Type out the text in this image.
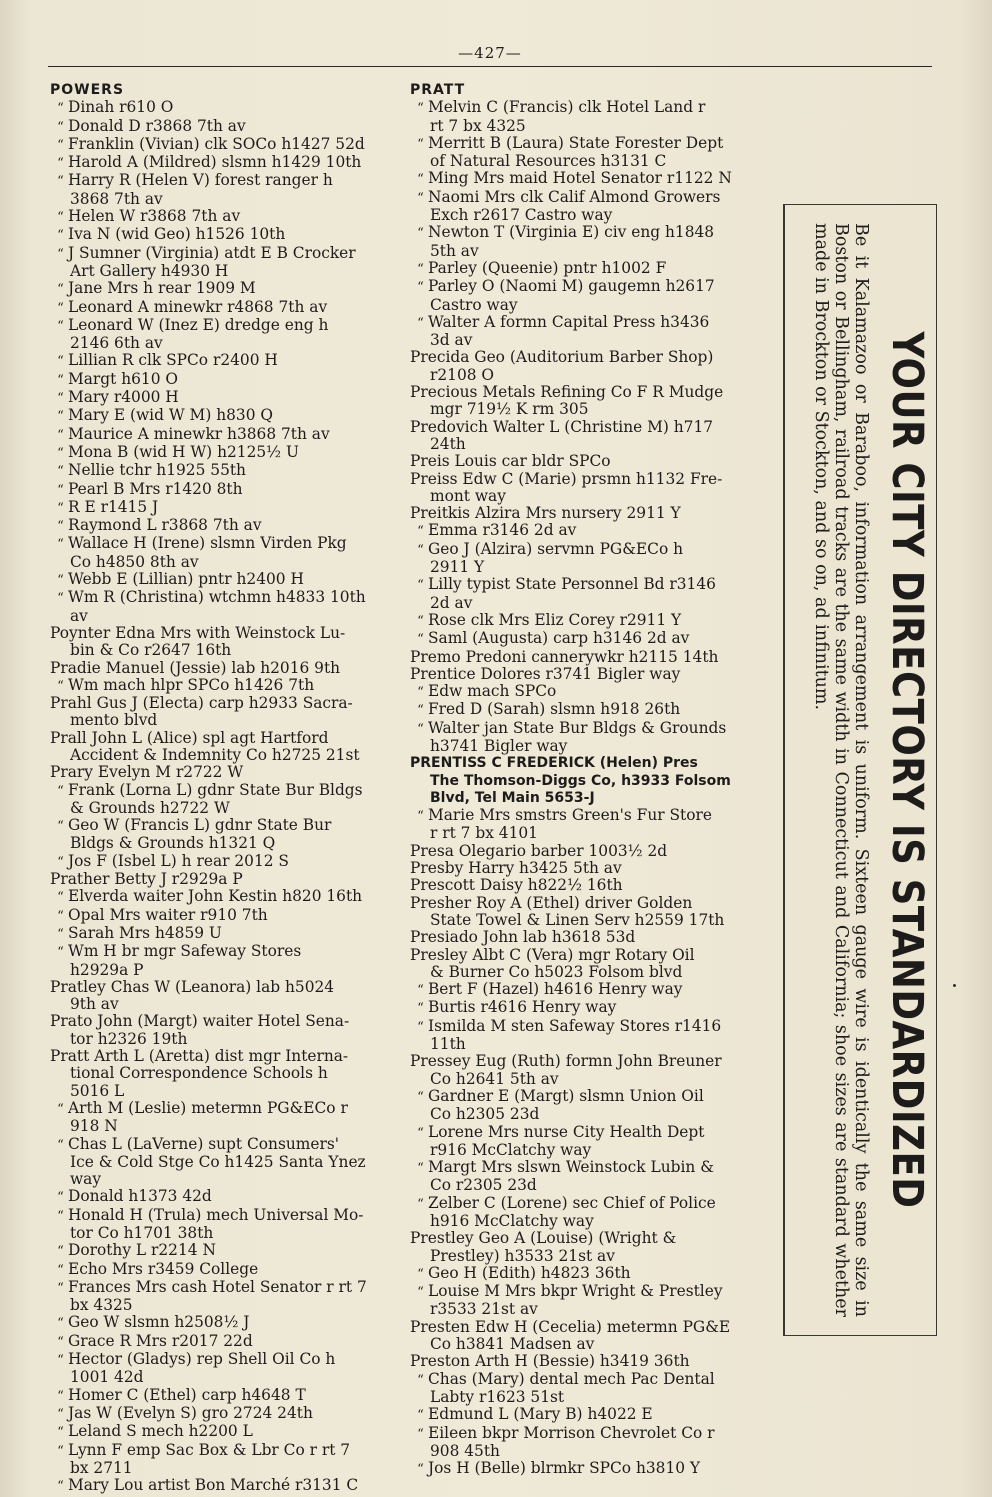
—427—
POWERS
“ Dinah r610 O
“ Donald D r3868 7th av
“ Franklin (Vivian) clk SOCo h1427 52d
“ Harold A (Mildred) slsmn h1429 10th
“ Harry R (Helen V) forest ranger h
3868 7th av
“ Helen W r3868 7th av
“ Iva N (wid Geo) h1526 10th
“ J Sumner (Virginia) atdt E B Crocker
Art Gallery h4930 H
“ Jane Mrs h rear 1909 M
“ Leonard A minewkr r4868 7th av
“ Leonard W (Inez E) dredge eng h
2146 6th av
“ Lillian R clk SPCo r2400 H
“ Margt h610 O
“ Mary r4000 H
“ Mary E (wid W M) h830 Q
“ Maurice A minewkr h3868 7th av
“ Mona B (wid H W) h2125½ U
“ Nellie tchr h1925 55th
“ Pearl B Mrs r1420 8th
“ R E r1415 J
“ Raymond L r3868 7th av
“ Wallace H (Irene) slsmn Virden Pkg
Co h4850 8th av
“ Webb E (Lillian) pntr h2400 H
“ Wm R (Christina) wtchmn h4833 10th
av
Poynter Edna Mrs with Weinstock Lu-
bin & Co r2647 16th
Pradie Manuel (Jessie) lab h2016 9th
“ Wm mach hlpr SPCo h1426 7th
Prahl Gus J (Electa) carp h2933 Sacra-
mento blvd
Prall John L (Alice) spl agt Hartford
Accident & Indemnity Co h2725 21st
Prary Evelyn M r2722 W
“ Frank (Lorna L) gdnr State Bur Bldgs
& Grounds h2722 W
“ Geo W (Francis L) gdnr State Bur
Bldgs & Grounds h1321 Q
“ Jos F (Isbel L) h rear 2012 S
Prather Betty J r2929a P
“ Elverda waiter John Kestin h820 16th
“ Opal Mrs waiter r910 7th
“ Sarah Mrs h4859 U
“ Wm H br mgr Safeway Stores
h2929a P
Pratley Chas W (Leanora) lab h5024
9th av
Prato John (Margt) waiter Hotel Sena-
tor h2326 19th
Pratt Arth L (Aretta) dist mgr Interna-
tional Correspondence Schools h
5016 L
“ Arth M (Leslie) metermn PG&ECo r
918 N
“ Chas L (LaVerne) supt Consumers'
Ice & Cold Stge Co h1425 Santa Ynez
way
“ Donald h1373 42d
“ Honald H (Trula) mech Universal Mo-
tor Co h1701 38th
“ Dorothy L r2214 N
“ Echo Mrs r3459 College
“ Frances Mrs cash Hotel Senator r rt 7
bx 4325
“ Geo W slsmn h2508½ J
“ Grace R Mrs r2017 22d
“ Hector (Gladys) rep Shell Oil Co h
1001 42d
“ Homer C (Ethel) carp h4648 T
“ Jas W (Evelyn S) gro 2724 24th
“ Leland S mech h2200 L
“ Lynn F emp Sac Box & Lbr Co r rt 7
bx 2711
“ Mary Lou artist Bon Marché r3131 C
PRATT
“ Melvin C (Francis) clk Hotel Land r
rt 7 bx 4325
“ Merritt B (Laura) State Forester Dept
of Natural Resources h3131 C
“ Ming Mrs maid Hotel Senator r1122 N
“ Naomi Mrs clk Calif Almond Growers
Exch r2617 Castro way
“ Newton T (Virginia E) civ eng h1848
5th av
“ Parley (Queenie) pntr h1002 F
“ Parley O (Naomi M) gaugemn h2617
Castro way
“ Walter A formn Capital Press h3436
3d av
Precida Geo (Auditorium Barber Shop)
r2108 O
Precious Metals Refining Co F R Mudge
mgr 719½ K rm 305
Predovich Walter L (Christine M) h717
24th
Preis Louis car bldr SPCo
Preiss Edw C (Marie) prsmn h1132 Fre-
mont way
Preitkis Alzira Mrs nursery 2911 Y
“ Emma r3146 2d av
“ Geo J (Alzira) servmn PG&ECo h
2911 Y
“ Lilly typist State Personnel Bd r3146
2d av
“ Rose clk Mrs Eliz Corey r2911 Y
“ Saml (Augusta) carp h3146 2d av
Premo Predoni cannerywkr h2115 14th
Prentice Dolores r3741 Bigler way
“ Edw mach SPCo
“ Fred D (Sarah) slsmn h918 26th
“ Walter jan State Bur Bldgs & Grounds
h3741 Bigler way
PRENTISS C FREDERICK (Helen) Pres
The Thomson-Diggs Co, h3933 Folsom
Blvd, Tel Main 5653-J
“ Marie Mrs smstrs Green's Fur Store
r rt 7 bx 4101
Presa Olegario barber 1003½ 2d
Presby Harry h3425 5th av
Prescott Daisy h822½ 16th
Presher Roy A (Ethel) driver Golden
State Towel & Linen Serv h2559 17th
Presiado John lab h3618 53d
Presley Albt C (Vera) mgr Rotary Oil
& Burner Co h5023 Folsom blvd
“ Bert F (Hazel) h4616 Henry way
“ Burtis r4616 Henry way
“ Ismilda M sten Safeway Stores r1416
11th
Pressey Eug (Ruth) formn John Breuner
Co h2641 5th av
“ Gardner E (Margt) slsmn Union Oil
Co h2305 23d
“ Lorene Mrs nurse City Health Dept
r916 McClatchy way
“ Margt Mrs slswn Weinstock Lubin &
Co r2305 23d
“ Zelber C (Lorene) sec Chief of Police
h916 McClatchy way
Prestley Geo A (Louise) (Wright &
Prestley) h3533 21st av
“ Geo H (Edith) h4823 36th
“ Louise M Mrs bkpr Wright & Prestley
r3533 21st av
Presten Edw H (Cecelia) metermn PG&E
Co h3841 Madsen av
Preston Arth H (Bessie) h3419 36th
“ Chas (Mary) dental mech Pac Dental
Labty r1623 51st
“ Edmund L (Mary B) h4022 E
“ Eileen bkpr Morrison Chevrolet Co r
908 45th
“ Jos H (Belle) blrmkr SPCo h3810 Y
YOUR CITY DIRECTORY IS STANDARDIZED
Be it Kalamazoo or Baraboo, information arrangement is uniform. Sixteen gauge wire is identically the same size in Boston or Bellingham, railroad tracks are the same width in Connecticut and California; shoe sizes are standard whether made in Brockton or Stockton, and so on, ad infinitum.
